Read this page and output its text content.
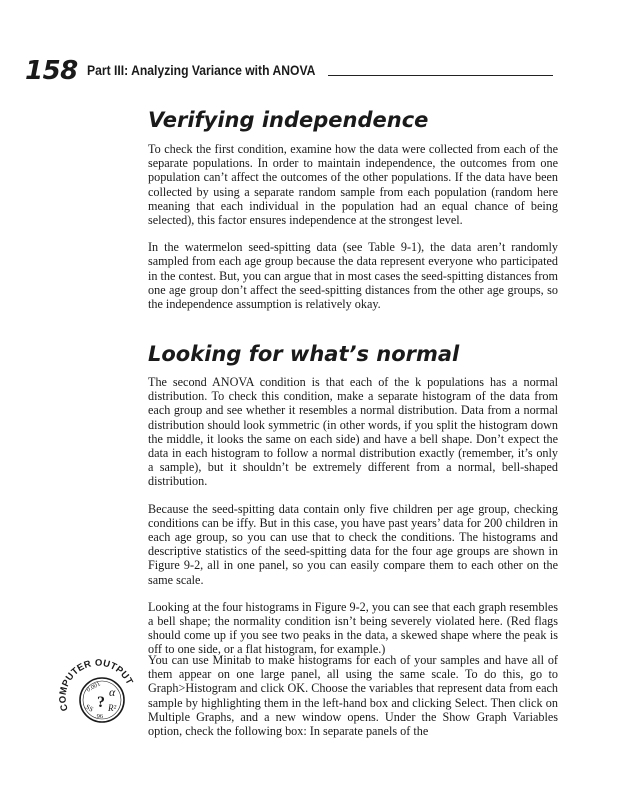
158 Part III: Analyzing Variance with ANOVA
Verifying independence

To check the first condition, examine how the data were collected from each of the separate populations. In order to maintain independence, the outcomes from one population can’t affect the outcomes of the other populations. If the data have been collected by using a separate random sample from each population (random here meaning that each individual in the population had an equal chance of being selected), this factor ensures independence at the strongest level.

In the watermelon seed-spitting data (see Table 9-1), the data aren’t randomly sampled from each age group because the data represent everyone who participated in the contest. But, you can argue that in most cases the seed-spitting distances from one age group don’t affect the seed-spitting distances from the other age groups, so the independence assumption is relatively okay.

Looking for what’s normal

The second ANOVA condition is that each of the k populations has a normal distribution. To check this condition, make a separate histogram of the data from each group and see whether it resembles a normal distribution. Data from a normal distribution should look symmetric (in other words, if you split the histogram down the middle, it looks the same on each side) and have a bell shape. Don’t expect the data in each histogram to follow a normal distribution exactly (remember, it’s only a sample), but it shouldn’t be extremely different from a normal, bell-shaped distribution.

Because the seed-spitting data contain only five children per age group, checking conditions can be iffy. But in this case, you have past years’ data for 200 children in each age group, so you can use that to check the conditions. The histograms and descriptive statistics of the seed-spitting data for the four age groups are shown in Figure 9-2, all in one panel, so you can easily compare them to each other on the same scale.

Looking at the four histograms in Figure 9-2, you can see that each graph resembles a bell shape; the normality condition isn’t being severely violated here. (Red flags should come up if you see two peaks in the data, a skewed shape where the peak is off to one side, or a flat histogram, for example.)

COMPUTER OUTPUT
0.001 α
? R²
SS
.96

You can use Minitab to make histograms for each of your samples and have all of them appear on one large panel, all using the same scale. To do this, go to Graph>Histogram and click OK. Choose the variables that represent data from each sample by highlighting them in the left-hand box and clicking Select. Then click on Multiple Graphs, and a new window opens. Under the Show Graph Variables option, check the following box: In separate panels of the
